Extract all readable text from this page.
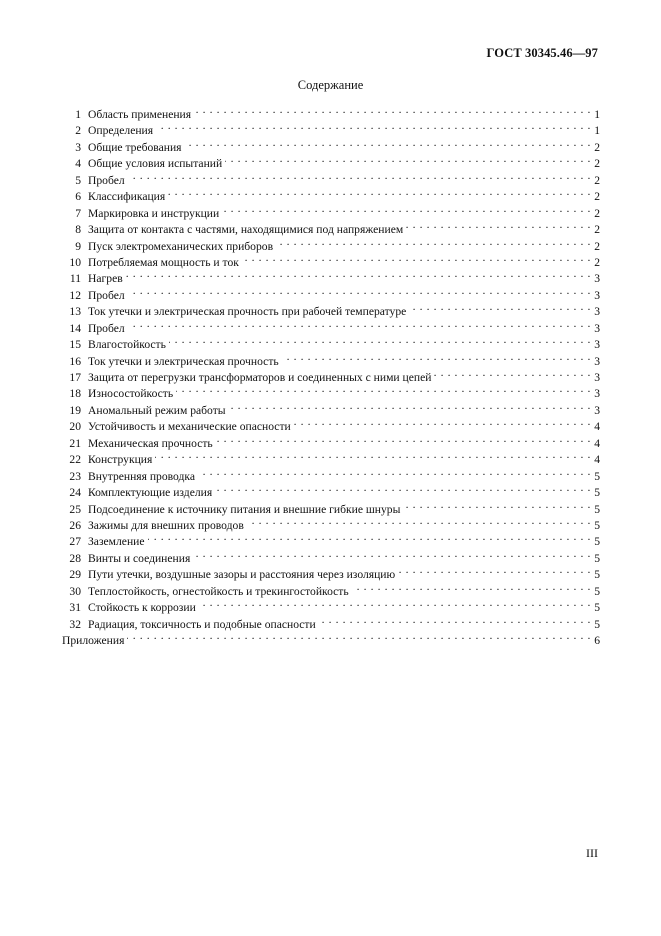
ГОСТ 30345.46—97
Содержание
1 Область применения . . .	1
2 Определения . . .	1
3 Общие требования . . .	2
4 Общие условия испытаний . . .	2
5 Пробел . . .	2
6 Классификация . . .	2
7 Маркировка и инструкции . . .	2
8 Защита от контакта с частями, находящимися под напряжением . . .	2
9 Пуск электромеханических приборов . . .	2
10 Потребляемая мощность и ток . . .	2
11 Нагрев . . .	3
12 Пробел . . .	3
13 Ток утечки и электрическая прочность при рабочей температуре . . .	3
14 Пробел . . .	3
15 Влагостойкость . . .	3
16 Ток утечки и электрическая прочность . . .	3
17 Защита от перегрузки трансформаторов и соединенных с ними цепей . . .	3
18 Износостойкость . . .	3
19 Аномальный режим работы . . .	3
20 Устойчивость и механические опасности . . .	4
21 Механическая прочность . . .	4
22 Конструкция . . .	4
23 Внутренняя проводка . . .	5
24 Комплектующие изделия . . .	5
25 Подсоединение к источнику питания и внешние гибкие шнуры . . .	5
26 Зажимы для внешних проводов . . .	5
27 Заземление . . .	5
28 Винты и соединения . . .	5
29 Пути утечки, воздушные зазоры и расстояния через изоляцию . . .	5
30 Теплостойкость, огнестойкость и трекингостойкость . . .	5
31 Стойкость к коррозии . . .	5
32 Радиация, токсичность и подобные опасности . . .	5
Приложения . . .	6
III
